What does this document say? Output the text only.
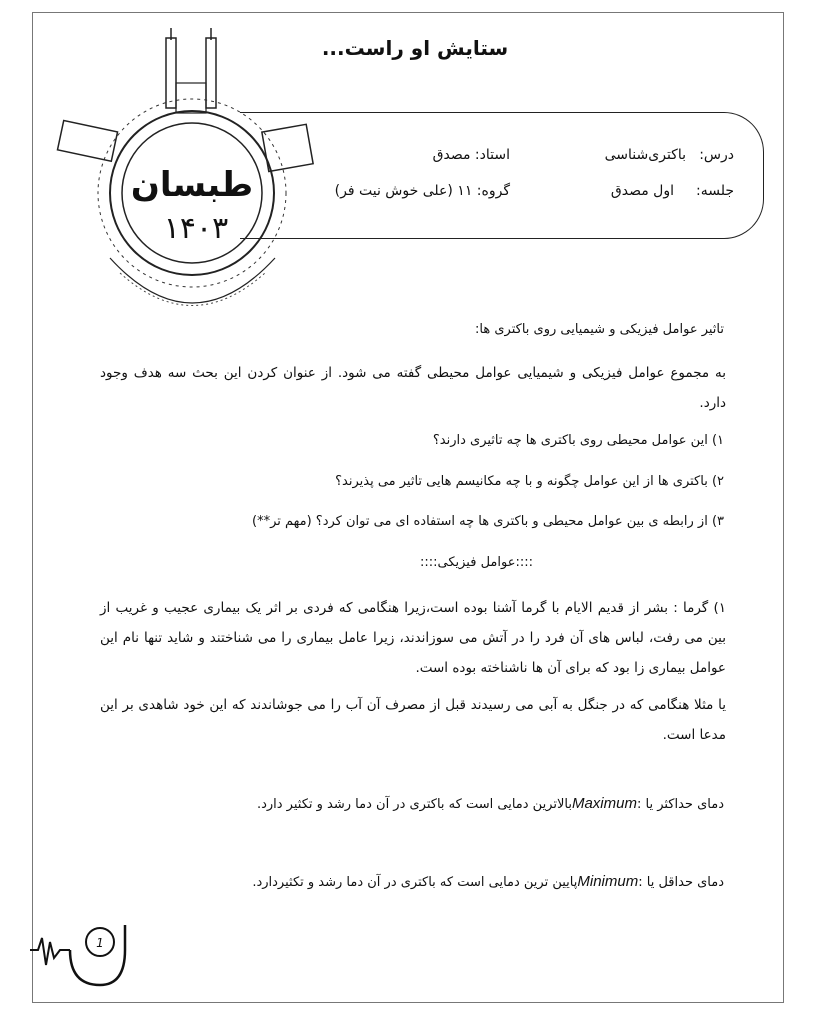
ستایش او راست...
طبسان
۱۴۰۳
درس:
باکتری‌شناسی
استاد: مصدق
جلسه:
اول مصدق
گروه: ۱۱ (علی خوش نیت فر)
تاثیر عوامل فیزیکی و شیمیایی روی باکتری ها:
به مجموع عوامل فیزیکی و شیمیایی عوامل محیطی گفته می شود. از عنوان کردن این بحث سه هدف وجود دارد.
۱) این عوامل محیطی روی باکتری ها چه تاثیری دارند؟
۲) باکتری ها از این عوامل چگونه و با چه مکانیسم هایی تاثیر می پذیرند؟
۳) از رابطه ی بین عوامل محیطی و باکتری ها چه استفاده ای می توان کرد؟ (مهم تر**)
::::عوامل فیزیکی::::
۱) گرما : بشر از قدیم الایام با گرما آشنا بوده است،زیرا هنگامی که فردی بر اثر یک بیماری عجیب و غریب از بین می رفت، لباس های آن فرد را در آتش می سوزاندند، زیرا عامل بیماری را می شناختند و شاید تنها نام این عوامل بیماری زا بود که برای آن ها ناشناخته بوده است.
یا مثلا هنگامی که در جنگل به آبی می رسیدند قبل از مصرف آن آب را می جوشاندند که این خود شاهدی بر این مدعا است.
دمای حداکثر یا :Maximumبالاترین دمایی است که باکتری در آن دما رشد و تکثیر دارد.
دمای حداقل یا :Minimumپایین ترین دمایی است که باکتری در آن دما رشد و تکثیردارد.
1
